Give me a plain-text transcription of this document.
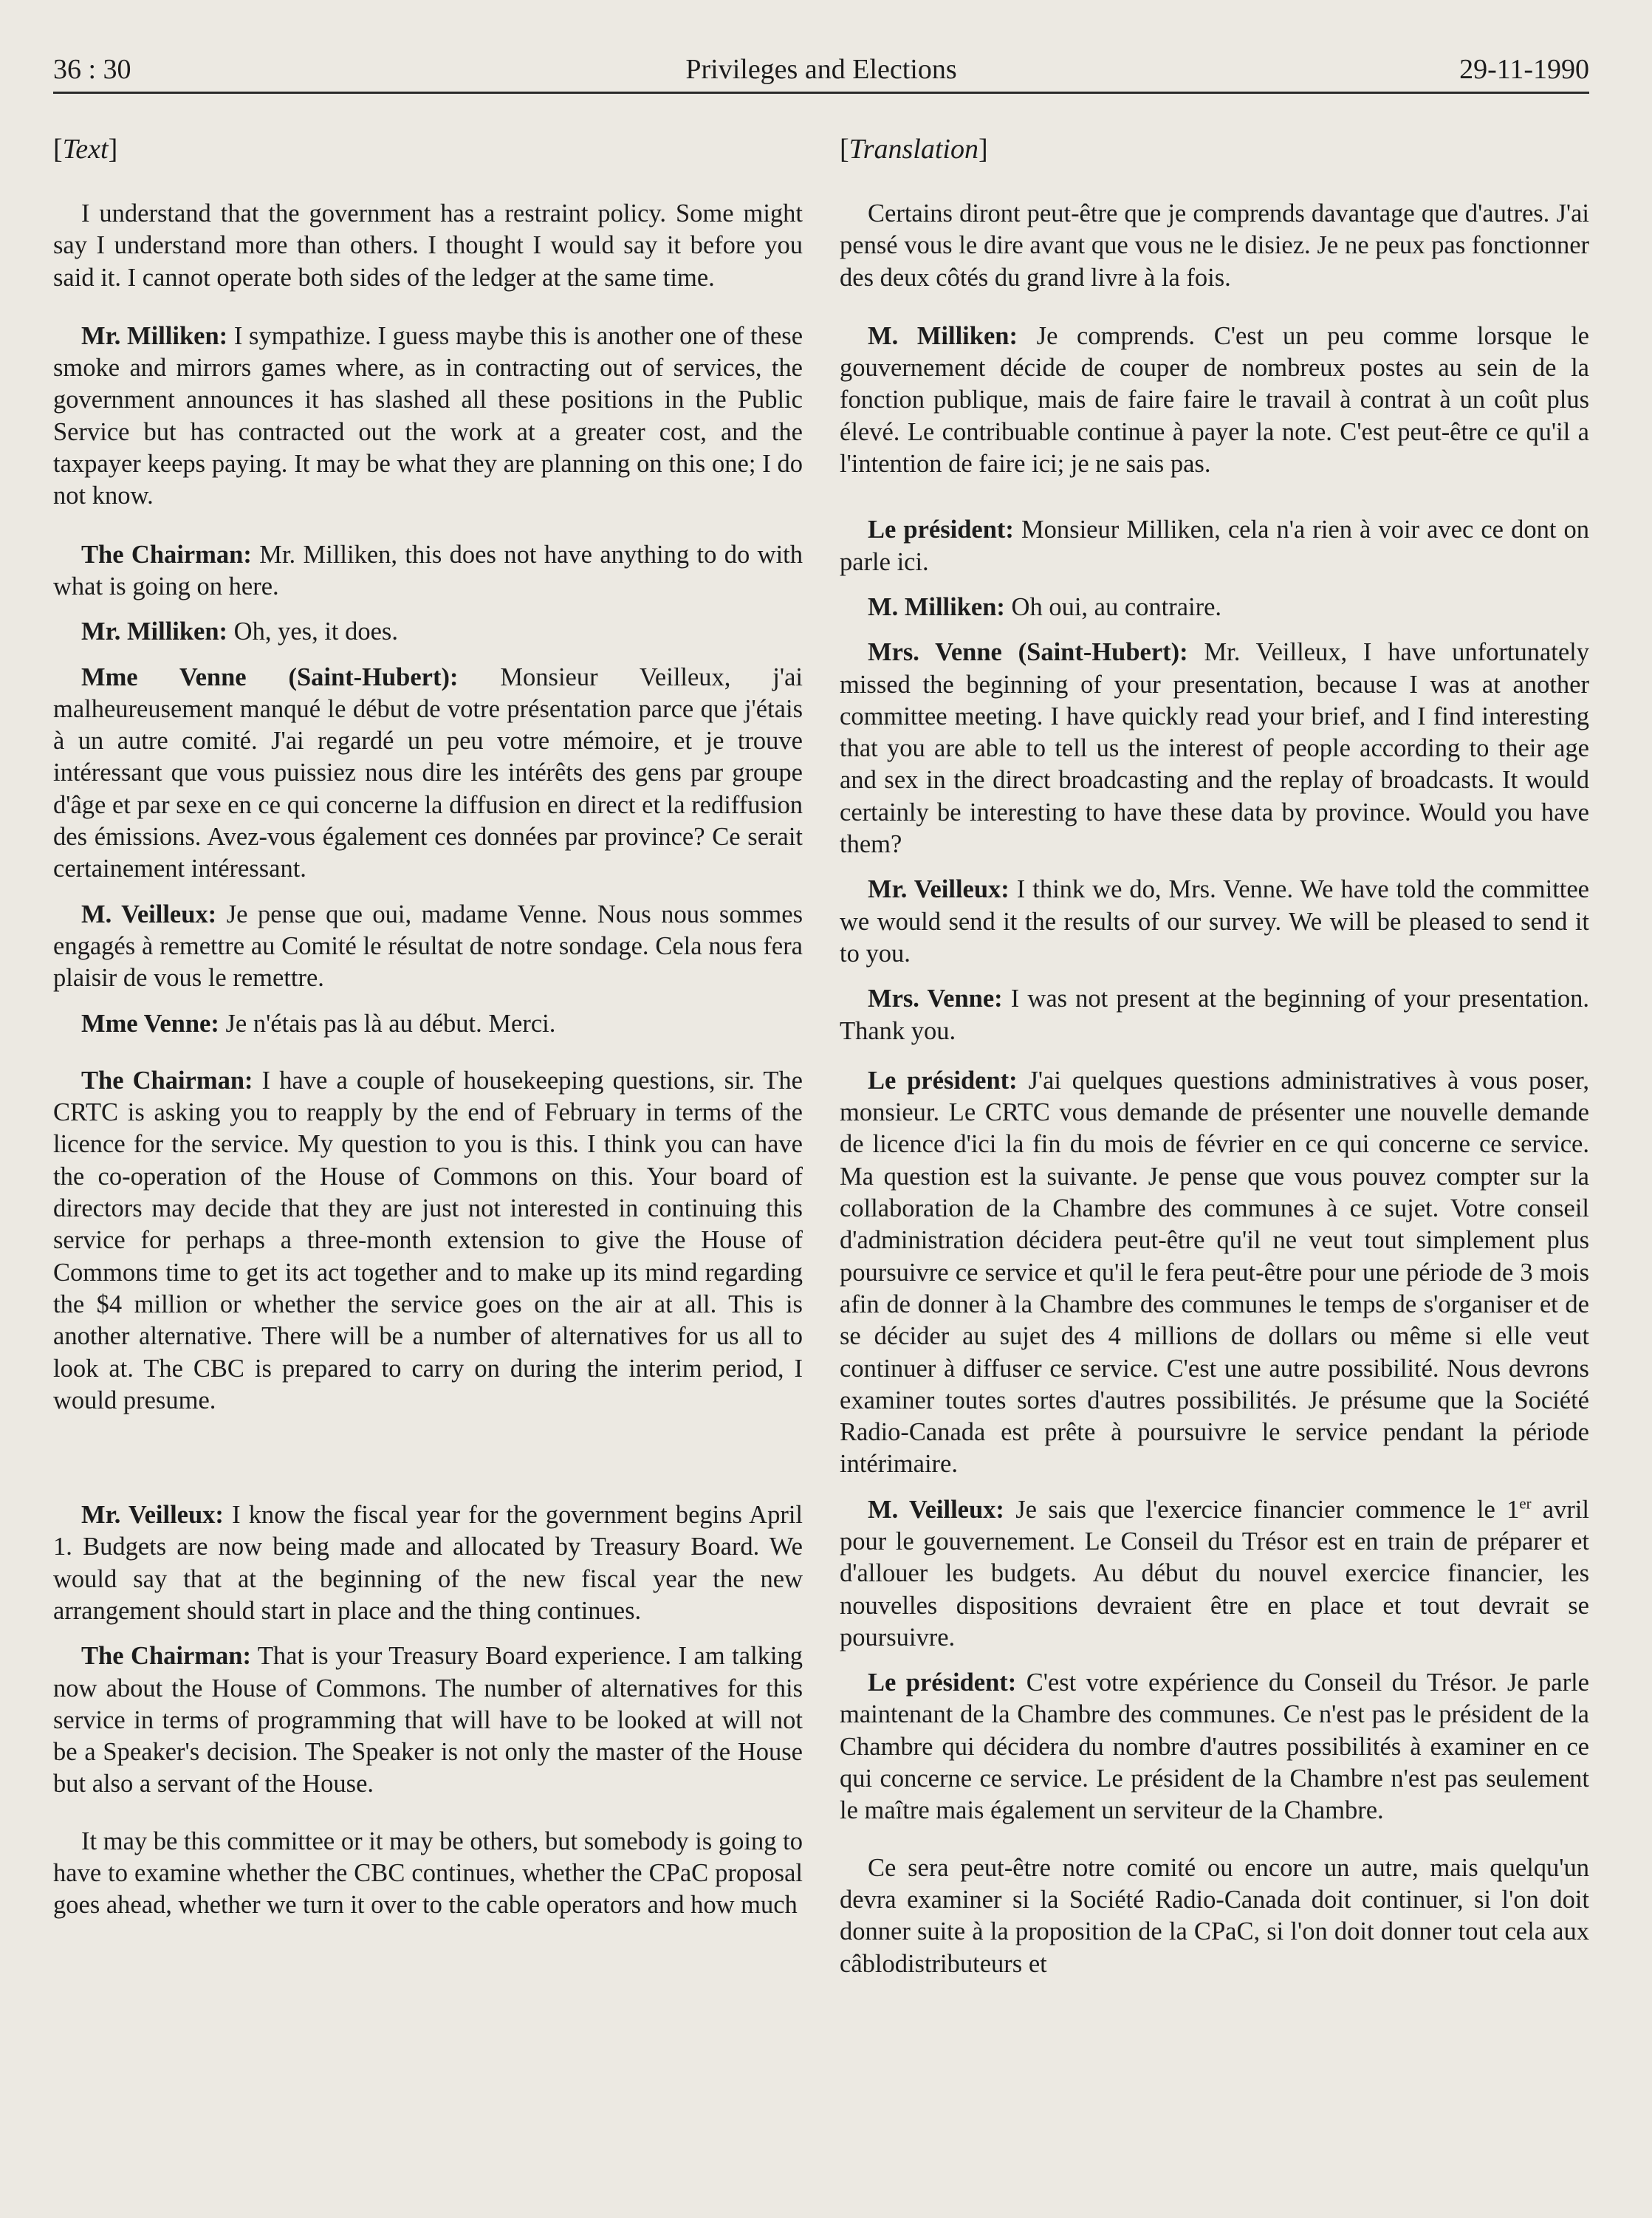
36 : 30	Privileges and Elections	29-11-1990
[Text]

I understand that the government has a restraint policy. Some might say I understand more than others. I thought I would say it before you said it. I cannot operate both sides of the ledger at the same time.

Mr. Milliken: I sympathize. I guess maybe this is another one of these smoke and mirrors games where, as in contracting out of services, the government announces it has slashed all these positions in the Public Service but has contracted out the work at a greater cost, and the taxpayer keeps paying. It may be what they are planning on this one; I do not know.

The Chairman: Mr. Milliken, this does not have anything to do with what is going on here.

Mr. Milliken: Oh, yes, it does.

Mme Venne (Saint-Hubert): Monsieur Veilleux, j'ai malheureusement manqué le début de votre présentation parce que j'étais à un autre comité. J'ai regardé un peu votre mémoire, et je trouve intéressant que vous puissiez nous dire les intérêts des gens par groupe d'âge et par sexe en ce qui concerne la diffusion en direct et la rediffusion des émissions. Avez-vous également ces données par province? Ce serait certainement intéressant.

M. Veilleux: Je pense que oui, madame Venne. Nous nous sommes engagés à remettre au Comité le résultat de notre sondage. Cela nous fera plaisir de vous le remettre.

Mme Venne: Je n'étais pas là au début. Merci.

The Chairman: I have a couple of housekeeping questions, sir. The CRTC is asking you to reapply by the end of February in terms of the licence for the service. My question to you is this. I think you can have the co-operation of the House of Commons on this. Your board of directors may decide that they are just not interested in continuing this service for perhaps a three-month extension to give the House of Commons time to get its act together and to make up its mind regarding the $4 million or whether the service goes on the air at all. This is another alternative. There will be a number of alternatives for us all to look at. The CBC is prepared to carry on during the interim period, I would presume.

Mr. Veilleux: I know the fiscal year for the government begins April 1. Budgets are now being made and allocated by Treasury Board. We would say that at the beginning of the new fiscal year the new arrangement should start in place and the thing continues.

The Chairman: That is your Treasury Board experience. I am talking now about the House of Commons. The number of alternatives for this service in terms of programming that will have to be looked at will not be a Speaker's decision. The Speaker is not only the master of the House but also a servant of the House.

It may be this committee or it may be others, but somebody is going to have to examine whether the CBC continues, whether the CPaC proposal goes ahead, whether we turn it over to the cable operators and how much

[Translation]

Certains diront peut-être que je comprends davantage que d'autres. J'ai pensé vous le dire avant que vous ne le disiez. Je ne peux pas fonctionner des deux côtés du grand livre à la fois.

M. Milliken: Je comprends. C'est un peu comme lorsque le gouvernement décide de couper de nombreux postes au sein de la fonction publique, mais de faire faire le travail à contrat à un coût plus élevé. Le contribuable continue à payer la note. C'est peut-être ce qu'il a l'intention de faire ici; je ne sais pas.

Le président: Monsieur Milliken, cela n'a rien à voir avec ce dont on parle ici.

M. Milliken: Oh oui, au contraire.

Mrs. Venne (Saint-Hubert): Mr. Veilleux, I have unfortunately missed the beginning of your presentation, because I was at another committee meeting. I have quickly read your brief, and I find interesting that you are able to tell us the interest of people according to their age and sex in the direct broadcasting and the replay of broadcasts. It would certainly be interesting to have these data by province. Would you have them?

Mr. Veilleux: I think we do, Mrs. Venne. We have told the committee we would send it the results of our survey. We will be pleased to send it to you.

Mrs. Venne: I was not present at the beginning of your presentation. Thank you.

Le président: J'ai quelques questions administratives à vous poser, monsieur. Le CRTC vous demande de présenter une nouvelle demande de licence d'ici la fin du mois de février en ce qui concerne ce service. Ma question est la suivante. Je pense que vous pouvez compter sur la collaboration de la Chambre des communes à ce sujet. Votre conseil d'administration décidera peut-être qu'il ne veut tout simplement plus poursuivre ce service et qu'il le fera peut-être pour une période de 3 mois afin de donner à la Chambre des communes le temps de s'organiser et de se décider au sujet des 4 millions de dollars ou même si elle veut continuer à diffuser ce service. C'est une autre possibilité. Nous devrons examiner toutes sortes d'autres possibilités. Je présume que la Société Radio-Canada est prête à poursuivre le service pendant la période intérimaire.

M. Veilleux: Je sais que l'exercice financier commence le 1er avril pour le gouvernement. Le Conseil du Trésor est en train de préparer et d'allouer les budgets. Au début du nouvel exercice financier, les nouvelles dispositions devraient être en place et tout devrait se poursuivre.

Le président: C'est votre expérience du Conseil du Trésor. Je parle maintenant de la Chambre des communes. Ce n'est pas le président de la Chambre qui décidera du nombre d'autres possibilités à examiner en ce qui concerne ce service. Le président de la Chambre n'est pas seulement le maître mais également un serviteur de la Chambre.

Ce sera peut-être notre comité ou encore un autre, mais quelqu'un devra examiner si la Société Radio-Canada doit continuer, si l'on doit donner suite à la proposition de la CPaC, si l'on doit donner tout cela aux câblodistributeurs et
